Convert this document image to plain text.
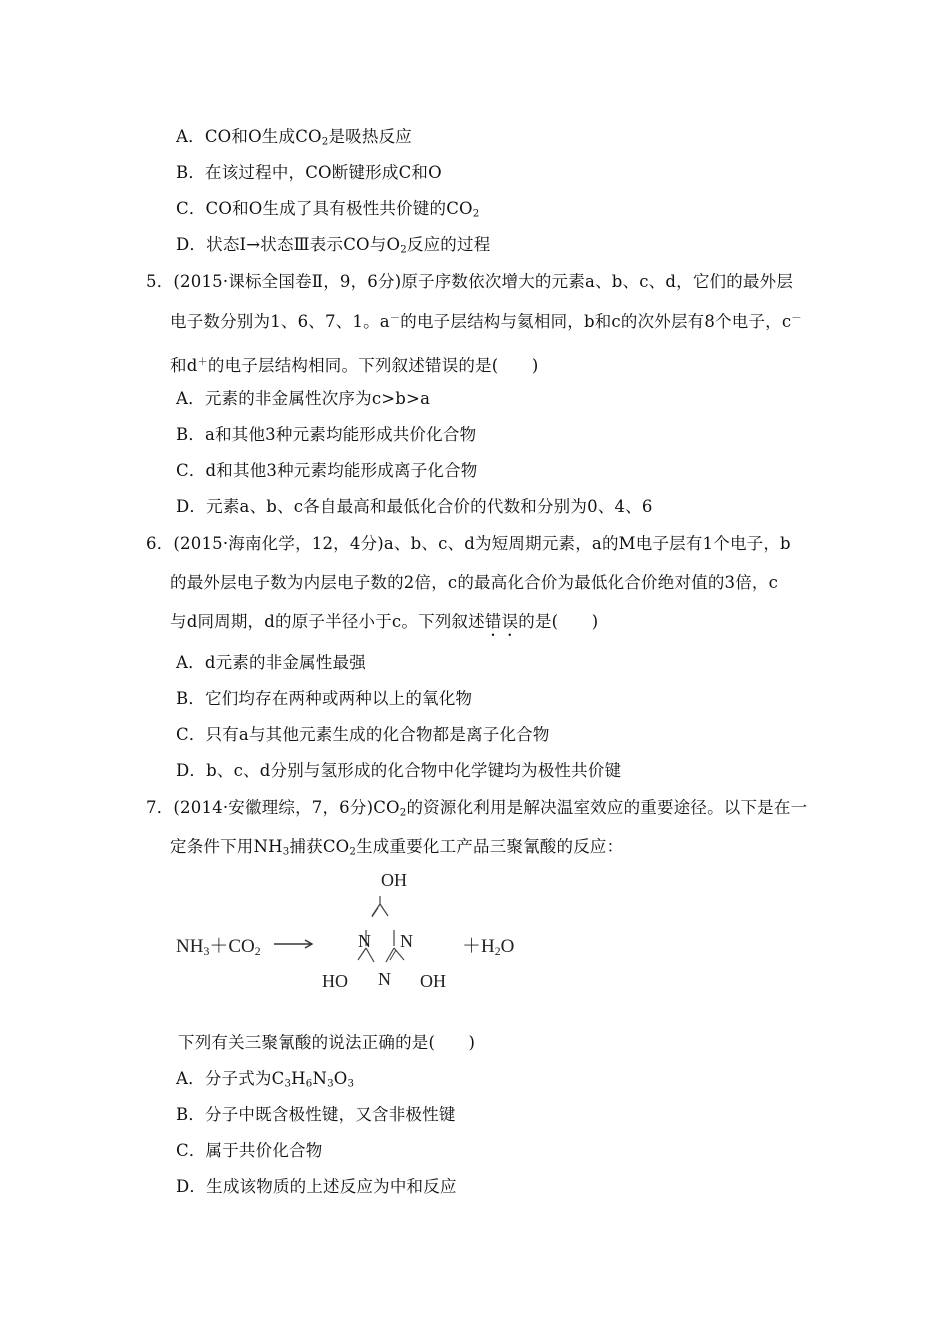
A．CO和O生成$CO_2$是吸热反应
B．在该过程中，CO断键形成C和O
C．CO和O生成了具有极性共价键的$CO_2$
D．状态Ⅰ→状态Ⅲ表示CO与$O_2$反应的过程
5．(2015·课标全国卷Ⅱ，9，6分)原子序数依次增大的元素a、b、c、d，它们的最外层
电子数分别为1、6、7、1。a－的电子层结构与氦相同，b和c的次外层有8个电子，c－
和d＋的电子层结构相同。下列叙述错误的是(　　)
A．元素的非金属性次序为c>b>a
B．a和其他3种元素均能形成共价化合物
C．d和其他3种元素均能形成离子化合物
D．元素a、b、c各自最高和最低化合价的代数和分别为0、4、6
6．(2015·海南化学，12，4分)a、b、c、d为短周期元素，a的M电子层有1个电子，b
的最外层电子数为内层电子数的2倍，c的最高化合价为最低化合价绝对值的3倍，c
与d同周期，d的原子半径小于c。下列叙述错误的是(　　)
A．d元素的非金属性最强
B．它们均存在两种或两种以上的氧化物
C．只有a与其他元素生成的化合物都是离子化合物
D．b、c、d分别与氢形成的化合物中化学键均为极性共价键
7．(2014·安徽理综，7，6分)$CO_2$的资源化利用是解决温室效应的重要途径。以下是在一
定条件下用$NH_3$捕获$CO_2$生成重要化工产品三聚氰酸的反应：
$NH_3+CO_2$ →
OH
N N
N
HO	OH
$+H_2O$
下列有关三聚氰酸的说法正确的是(　　)
A．分子式为$C_3H_6N_3O_3$
B．分子中既含极性键，又含非极性键
C．属于共价化合物
D．生成该物质的上述反应为中和反应
